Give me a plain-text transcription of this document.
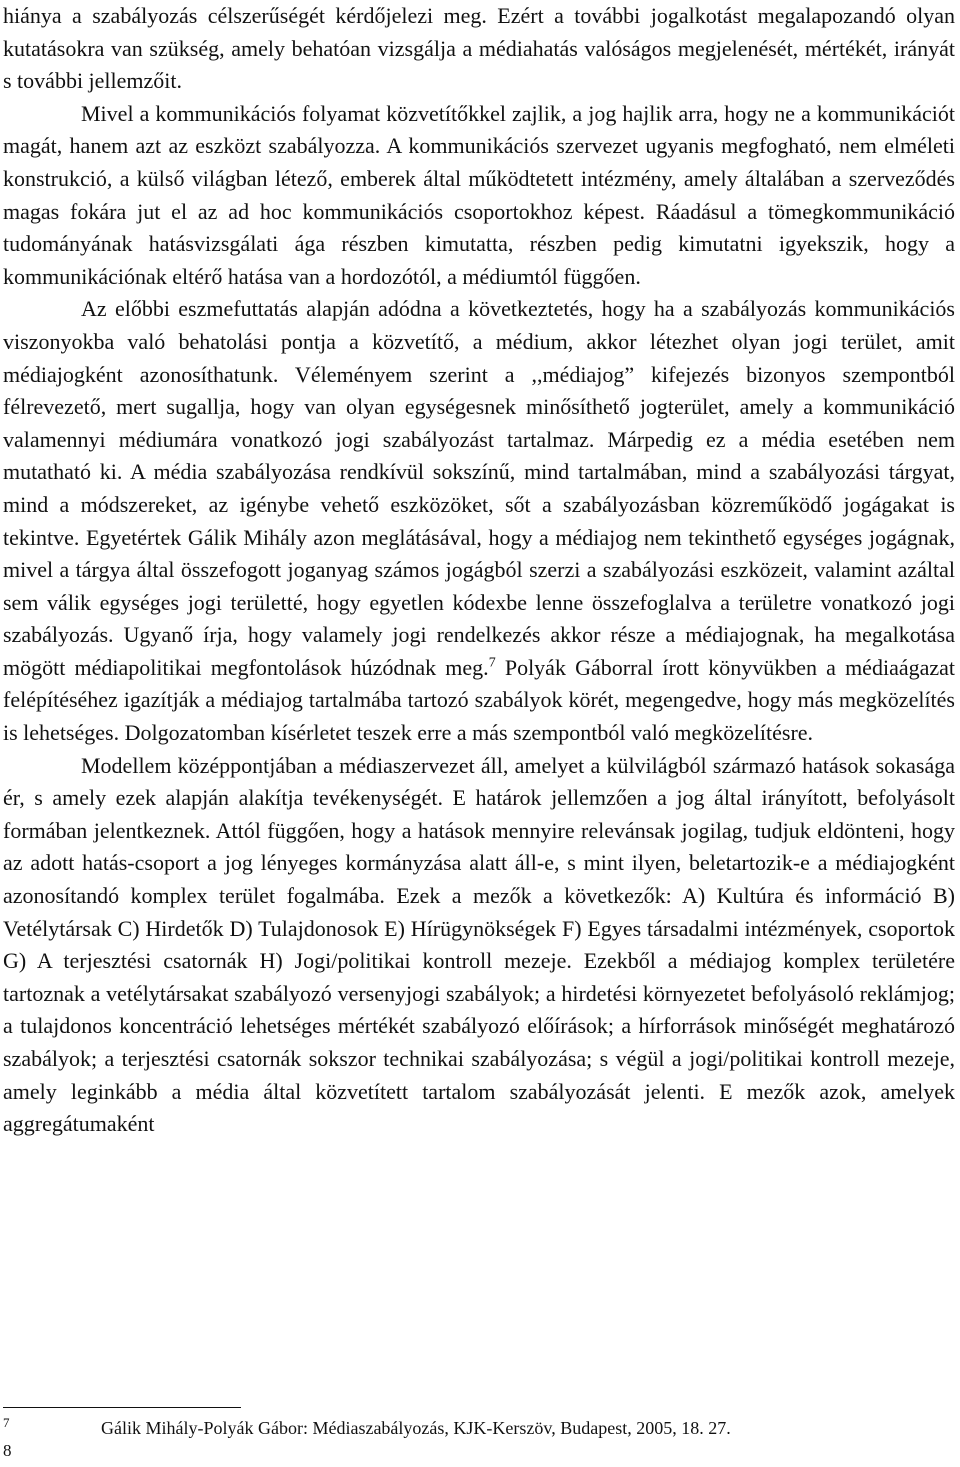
hiánya a szabályozás célszerűségét kérdőjelezi meg. Ezért a további jogalkotást megalapozandó olyan kutatásokra van szükség, amely behatóan vizsgálja a médiahatás valóságos megjelenését, mértékét, irányát s további jellemzőit.

Mivel a kommunikációs folyamat közvetítőkkel zajlik, a jog hajlik arra, hogy ne a kommunikációt magát, hanem azt az eszközt szabályozza. A kommunikációs szervezet ugyanis megfogható, nem elméleti konstrukció, a külső világban létező, emberek által működtetett intézmény, amely általában a szerveződés magas fokára jut el az ad hoc kommunikációs csoportokhoz képest. Ráadásul a tömegkommunikáció tudományának hatásvizsgálati ága részben kimutatta, részben pedig kimutatni igyekszik, hogy a kommunikációnak eltérő hatása van a hordozótól, a médiumtól függően.

Az előbbi eszmefuttatás alapján adódna a következtetés, hogy ha a szabályozás kommunikációs viszonyokba való behatolási pontja a közvetítő, a médium, akkor létezhet olyan jogi terület, amit médiajogként azonosíthatunk. Véleményem szerint a ,,médiajog” kifejezés bizonyos szempontból félrevezető, mert sugallja, hogy van olyan egységesnek minősíthető jogterület, amely a kommunikáció valamennyi médiumára vonatkozó jogi szabályozást tartalmaz. Márpedig ez a média esetében nem mutatható ki. A média szabályozása rendkívül sokszínű, mind tartalmában, mind a szabályozási tárgyat, mind a módszereket, az igénybe vehető eszközöket, sőt a szabályozásban közreműködő jogágakat is tekintve. Egyetértek Gálik Mihály azon meglátásával, hogy a médiajog nem tekinthető egységes jogágnak, mivel a tárgya által összefogott joganyag számos jogágból szerzi a szabályozási eszközeit, valamint azáltal sem válik egységes jogi területté, hogy egyetlen kódexbe lenne összefoglalva a területre vonatkozó jogi szabályozás. Ugyanő írja, hogy valamely jogi rendelkezés akkor része a médiajognak, ha megalkotása mögött médiapolitikai megfontolások húzódnak meg.$^7$ Polyák Gáborral írott könyvükben a médiaágazat felépítéséhez igazítják a médiajog tartalmába tartozó szabályok körét, megengedve, hogy más megközelítés is lehetséges. Dolgozatomban kísérletet teszek erre a más szempontból való megközelítésre.

Modellem középpontjában a médiaszervezet áll, amelyet a külvilágból származó hatások sokasága ér, s amely ezek alapján alakítja tevékenységét. E határok jellemzően a jog által irányított, befolyásolt formában jelentkeznek. Attól függően, hogy a hatások mennyire relevánsak jogilag, tudjuk eldönteni, hogy az adott hatás-csoport a jog lényeges kormányzása alatt áll-e, s mint ilyen, beletartozik-e a médiajogként azonosítandó komplex terület fogalmába. Ezek a mezők a következők: A) Kultúra és információ B) Vetélytársak C) Hirdetők D) Tulajdonosok E) Hírügynökségek F) Egyes társadalmi intézmények, csoportok G) A terjesztési csatornák H) Jogi/politikai kontroll mezeje. Ezekből a médiajog komplex területére tartoznak a vetélytársakat szabályozó versenyjogi szabályok; a hirdetési környezetet befolyásoló reklámjog; a tulajdonos koncentráció lehetséges mértékét szabályozó előírások; a hírforrások minőségét meghatározó szabályok; a terjesztési csatornák sokszor technikai szabályozása; s végül a jogi/politikai kontroll mezeje, amely leginkább a média által közvetített tartalom szabályozását jelenti. E mezők azok, amelyek aggregátumaként

7	Gálik Mihály-Polyák Gábor: Médiaszabályozás, KJK-Kerszöv, Budapest, 2005, 18. 27.
8
